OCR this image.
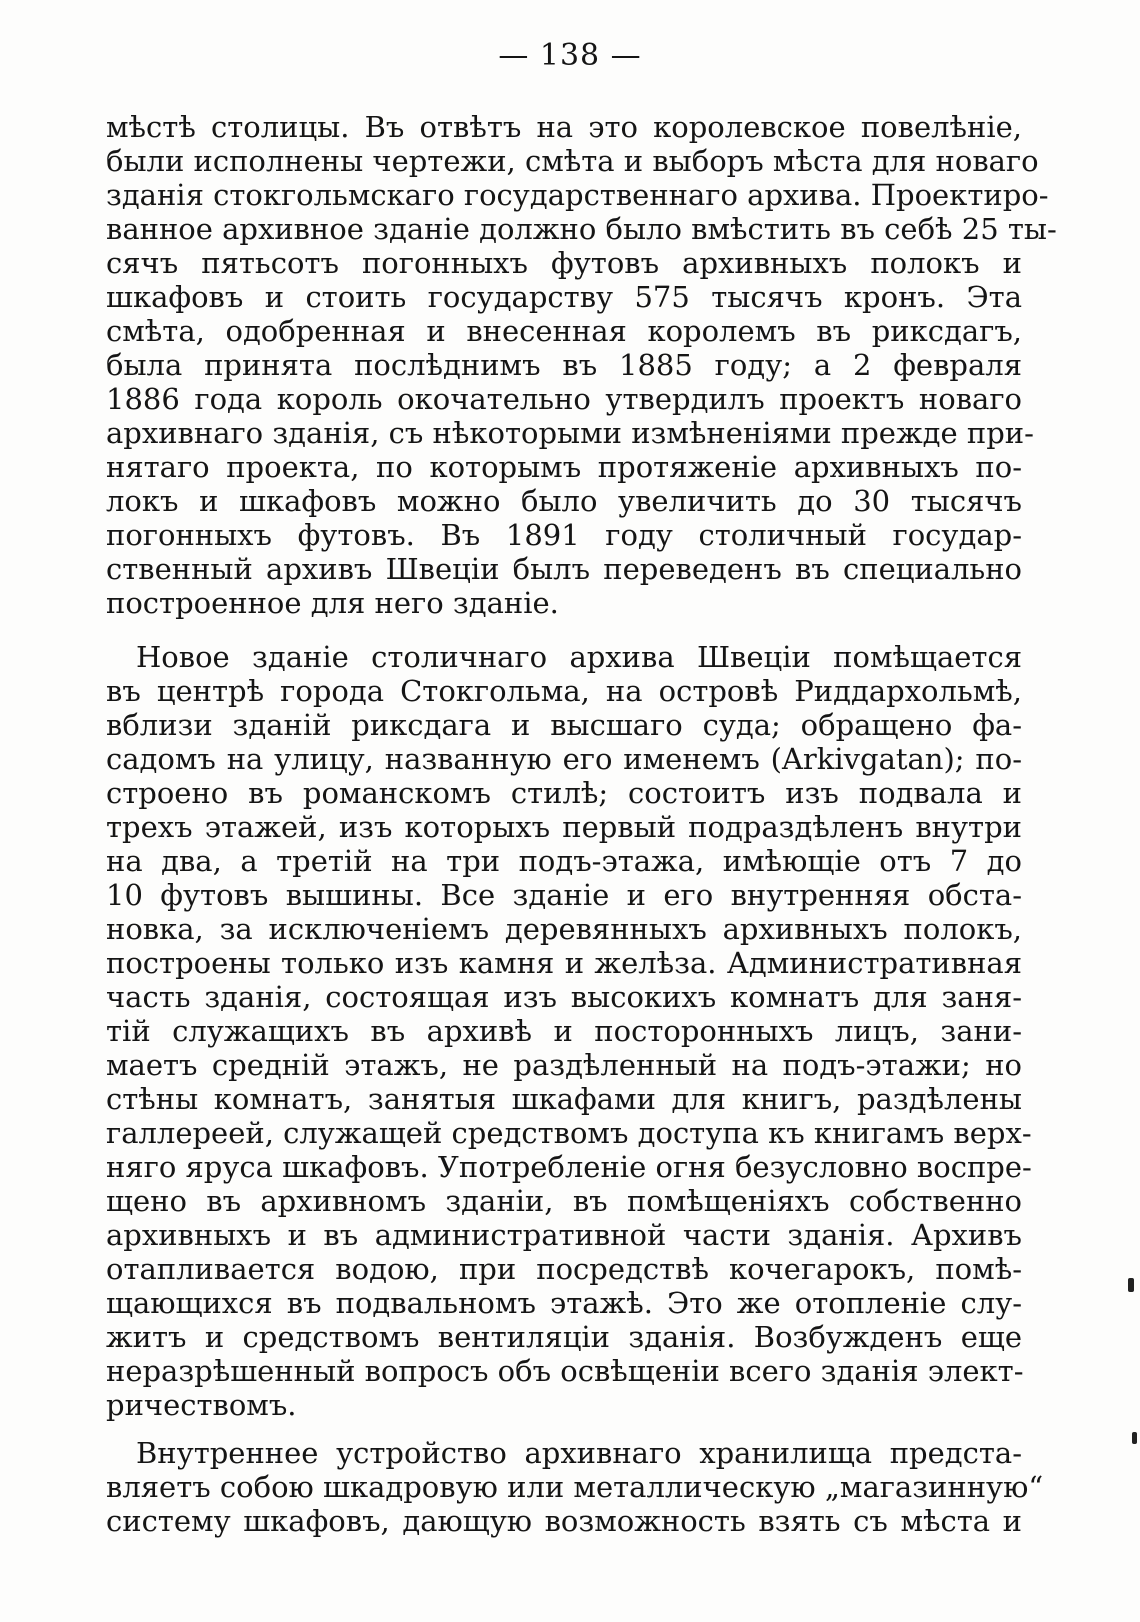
— 138 —
мѣстѣ столицы. Въ отвѣтъ на это королевское повелѣніе,
были исполнены чертежи, смѣта и выборъ мѣста для новаго
зданія стокгольмскаго государственнаго архива. Проектиро-
ванное архивное зданіе должно было вмѣстить въ себѣ 25 ты-
сячъ пятьсотъ погонныхъ футовъ архивныхъ полокъ и
шкафовъ и стоить государству 575 тысячъ кронъ. Эта
смѣта, одобренная и внесенная королемъ въ риксдагъ,
была принята послѣднимъ въ 1885 году; а 2 февраля
1886 года король окочательно утвердилъ проектъ новаго
архивнаго зданія, съ нѣкоторыми измѣненіями прежде при-
нятаго проекта, по которымъ протяженіе архивныхъ по-
локъ и шкафовъ можно было увеличить до 30 тысячъ
погонныхъ футовъ. Въ 1891 году столичный государ-
ственный архивъ Швеціи былъ переведенъ въ специально
построенное для него зданіе.
Новое зданіе столичнаго архива Швеціи помѣщается
въ центрѣ города Стокгольма, на островѣ Риддархольмѣ,
вблизи зданій риксдага и высшаго суда; обращено фа-
садомъ на улицу, названную его именемъ (Arkivgatan); по-
строено въ романскомъ стилѣ; состоитъ изъ подвала и
трехъ этажей, изъ которыхъ первый подраздѣленъ внутри
на два, а третій на три подъ-этажа, имѣющіе отъ 7 до
10 футовъ вышины. Все зданіе и его внутренняя обста-
новка, за исключеніемъ деревянныхъ архивныхъ полокъ,
построены только изъ камня и желѣза. Административная
часть зданія, состоящая изъ высокихъ комнатъ для заня-
тій служащихъ въ архивѣ и посторонныхъ лицъ, зани-
маетъ средній этажъ, не раздѣленный на подъ-этажи; но
стѣны комнатъ, занятыя шкафами для книгъ, раздѣлены
галлереей, служащей средствомъ доступа къ книгамъ верх-
няго яруса шкафовъ. Употребленіе огня безусловно воспре-
щено въ архивномъ зданіи, въ помѣщеніяхъ собственно
архивныхъ и въ административной части зданія. Архивъ
отапливается водою, при посредствѣ кочегарокъ, помѣ-
щающихся въ подвальномъ этажѣ. Это же отопленіе слу-
житъ и средствомъ вентиляціи зданія. Возбужденъ еще
неразрѣшенный вопросъ объ освѣщеніи всего зданія элект-
ричествомъ.
Внутреннее устройство архивнаго хранилища предста-
вляетъ собою шкадровую или металлическую „магазинную“
систему шкафовъ, дающую возможность взять съ мѣста и
